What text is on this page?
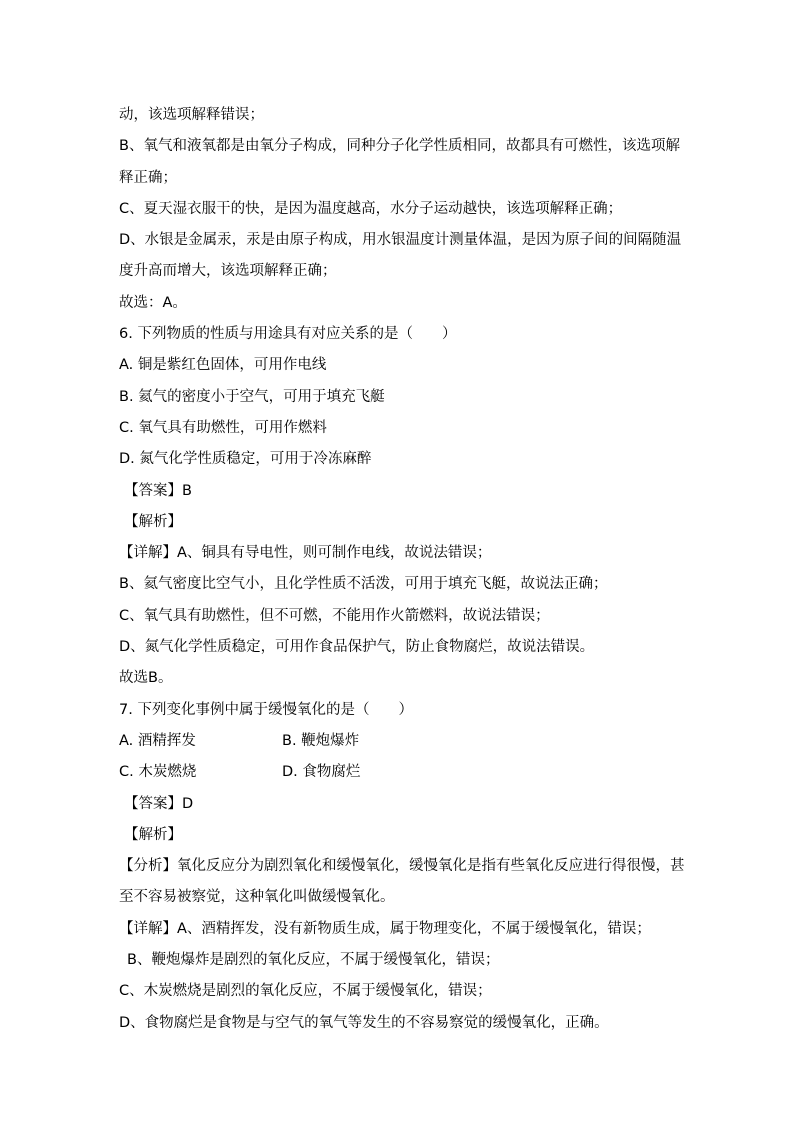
动，该选项解释错误；
B、氧气和液氧都是由氧分子构成，同种分子化学性质相同，故都具有可燃性，该选项解
释正确；
C、夏天湿衣服干的快，是因为温度越高，水分子运动越快，该选项解释正确；
D、水银是金属汞，汞是由原子构成，用水银温度计测量体温，是因为原子间的间隔随温
度升高而增大，该选项解释正确；
故选：A。
6. 下列物质的性质与用途具有对应关系的是（　　）
A. 铜是紫红色固体，可用作电线
B. 氦气的密度小于空气，可用于填充飞艇
C. 氧气具有助燃性，可用作燃料
D. 氮气化学性质稳定，可用于冷冻麻醉
【答案】B
【解析】
【详解】A、铜具有导电性，则可制作电线，故说法错误；
B、氦气密度比空气小，且化学性质不活泼，可用于填充飞艇，故说法正确；
C、氧气具有助燃性，但不可燃，不能用作火箭燃料，故说法错误；
D、氮气化学性质稳定，可用作食品保护气，防止食物腐烂，故说法错误。
故选B。
7. 下列变化事例中属于缓慢氧化的是（　　）
A. 酒精挥发	B. 鞭炮爆炸
C. 木炭燃烧	D. 食物腐烂
【答案】D
【解析】
【分析】氧化反应分为剧烈氧化和缓慢氧化，缓慢氧化是指有些氧化反应进行得很慢，甚
至不容易被察觉，这种氧化叫做缓慢氧化。
【详解】A、酒精挥发，没有新物质生成，属于物理变化，不属于缓慢氧化，错误；
B、鞭炮爆炸是剧烈的氧化反应，不属于缓慢氧化，错误；
C、木炭燃烧是剧烈的氧化反应，不属于缓慢氧化，错误；
D、食物腐烂是食物是与空气的氧气等发生的不容易察觉的缓慢氧化，正确。
